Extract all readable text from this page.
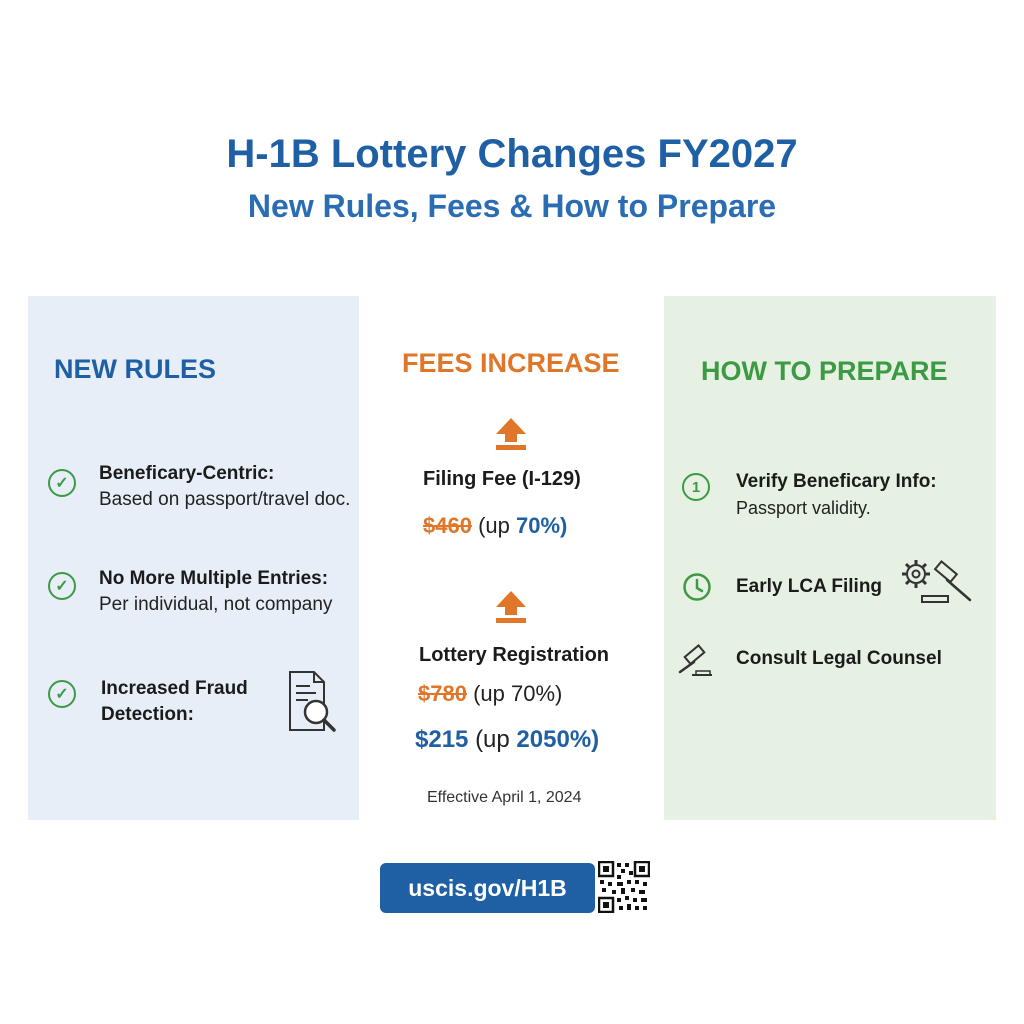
H-1B Lottery Changes FY2027
New Rules, Fees & How to Prepare
NEW RULES
✓	Beneficary-Centric:
Based on passport/travel doc.
✓	No More Multiple Entries:
Per individual, not company
✓	Increased Fraud
Detection:
FEES INCREASE
Filing Fee (I-129)
$460 (up 70%)
Lottery Registration
$780 (up 70%)
$215 (up 2050%)
Effective April 1, 2024
HOW TO PREPARE
1	Verify Beneficary Info:
Passport validity.
Early LCA Filing
Consult Legal Counsel
uscis.gov/H1B
